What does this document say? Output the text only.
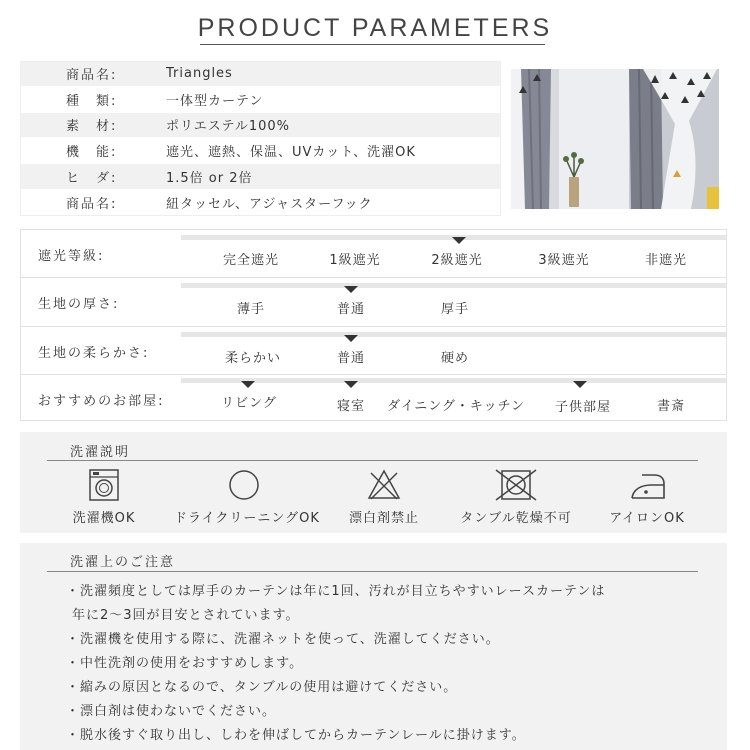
PRODUCT PARAMETERS
商品名:	Triangles
種　類:	一体型カーテン
素　材:	ポリエステル100%
機　能:	遮光、遮熱、保温、UVカット、洗濯OK
ヒ　ダ:	1.5倍 or 2倍
商品名:	紐タッセル、アジャスターフック
遮光等級:	完全遮光	1級遮光	2級遮光	3級遮光	非遮光
生地の厚さ:	薄手	普通	厚手
生地の柔らかさ:	柔らかい	普通	硬め
おすすめのお部屋:	リビング	寝室 ダイニング・キッチン 子供部屋	書斎
洗濯説明
洗濯機OK	ドライクリーニングOK	漂白剤禁止	タンブル乾燥不可	アイロンOK
洗濯上のご注意
・洗濯頻度としては厚手のカーテンは年に1回、汚れが目立ちやすいレースカーテンは
年に2～3回が目安とされています。
・洗濯機を使用する際に、洗濯ネットを使って、洗濯してください。
・中性洗剤の使用をおすすめします。
・縮みの原因となるので、タンブルの使用は避けてください。
・漂白剤は使わないでください。
・脱水後すぐ取り出し、しわを伸ばしてからカーテンレールに掛けます。
